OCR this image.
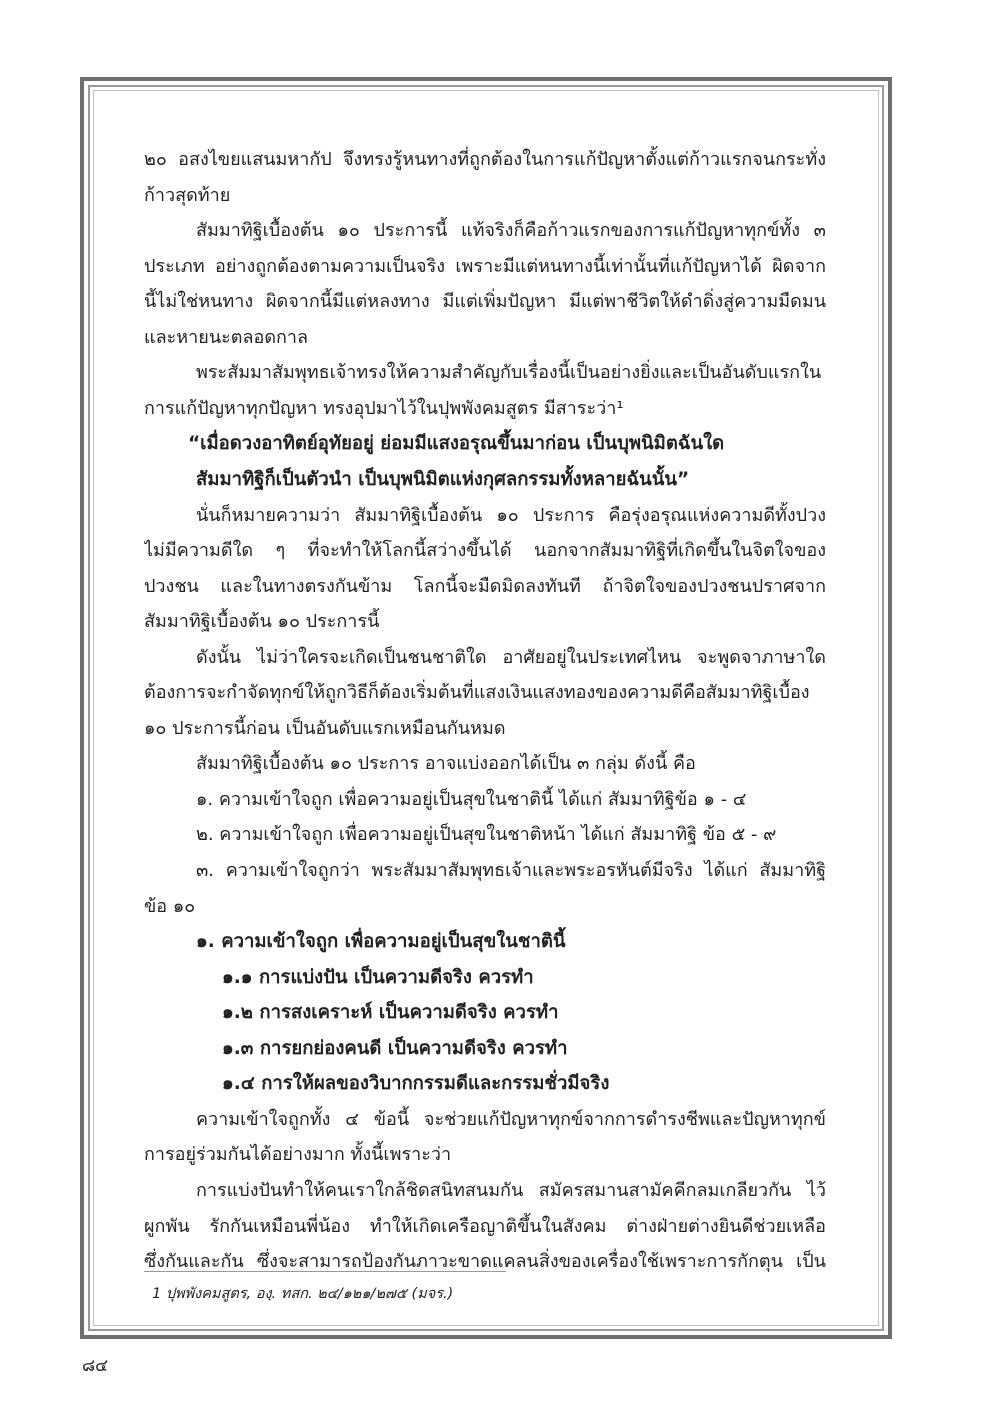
๒๐ อสงไขยแสนมหากัป จึงทรงรู้หนทางที่ถูกต้องในการแก้ปัญหาตั้งแต่ก้าวแรกจนกระทั่ง
ก้าวสุดท้าย
สัมมาทิฐิเบื้องต้น ๑๐ ประการนี้ แท้จริงก็คือก้าวแรกของการแก้ปัญหาทุกข์ทั้ง ๓
ประเภท อย่างถูกต้องตามความเป็นจริง เพราะมีแต่หนทางนี้เท่านั้นที่แก้ปัญหาได้ ผิดจาก
นี้ไม่ใช่หนทาง ผิดจากนี้มีแต่หลงทาง มีแต่เพิ่มปัญหา มีแต่พาชีวิตให้ดำดิ่งสู่ความมืดมน
และหายนะตลอดกาล
พระสัมมาสัมพุทธเจ้าทรงให้ความสำคัญกับเรื่องนี้เป็นอย่างยิ่งและเป็นอันดับแรกใน
การแก้ปัญหาทุกปัญหา ทรงอุปมาไว้ในปุพพังคมสูตร มีสาระว่า¹
“เมื่อดวงอาทิตย์อุทัยอยู่ ย่อมมีแสงอรุณขึ้นมาก่อน เป็นบุพนิมิตฉันใด
สัมมาทิฐิก็เป็นตัวนำ เป็นบุพนิมิตแห่งกุศลกรรมทั้งหลายฉันนั้น”
นั่นก็หมายความว่า สัมมาทิฐิเบื้องต้น ๑๐ ประการ คือรุ่งอรุณแห่งความดีทั้งปวง
ไม่มีความดีใด ๆ ที่จะทำให้โลกนี้สว่างขึ้นได้ นอกจากสัมมาทิฐิที่เกิดขึ้นในจิตใจของ
ปวงชน และในทางตรงกันข้าม โลกนี้จะมืดมิดลงทันที ถ้าจิตใจของปวงชนปราศจาก
สัมมาทิฐิเบื้องต้น ๑๐ ประการนี้
ดังนั้น ไม่ว่าใครจะเกิดเป็นชนชาติใด อาศัยอยู่ในประเทศไหน จะพูดจาภาษาใด
ต้องการจะกำจัดทุกข์ให้ถูกวิธีก็ต้องเริ่มต้นที่แสงเงินแสงทองของความดีคือสัมมาทิฐิเบื้อง
๑๐ ประการนี้ก่อน เป็นอันดับแรกเหมือนกันหมด
สัมมาทิฐิเบื้องต้น ๑๐ ประการ อาจแบ่งออกได้เป็น ๓ กลุ่ม ดังนี้ คือ
๑. ความเข้าใจถูก เพื่อความอยู่เป็นสุขในชาตินี้ ได้แก่ สัมมาทิฐิข้อ ๑ - ๔
๒. ความเข้าใจถูก เพื่อความอยู่เป็นสุขในชาติหน้า ได้แก่ สัมมาทิฐิ ข้อ ๕ - ๙
๓. ความเข้าใจถูกว่า พระสัมมาสัมพุทธเจ้าและพระอรหันต์มีจริง ได้แก่ สัมมาทิฐิ
ข้อ ๑๐
๑. ความเข้าใจถูก เพื่อความอยู่เป็นสุขในชาตินี้
๑.๑ การแบ่งปัน เป็นความดีจริง ควรทำ
๑.๒ การสงเคราะห์ เป็นความดีจริง ควรทำ
๑.๓ การยกย่องคนดี เป็นความดีจริง ควรทำ
๑.๔ การให้ผลของวิบากกรรมดีและกรรมชั่วมีจริง
ความเข้าใจถูกทั้ง ๔ ข้อนี้ จะช่วยแก้ปัญหาทุกข์จากการดำรงชีพและปัญหาทุกข์
การอยู่ร่วมกันได้อย่างมาก ทั้งนี้เพราะว่า
การแบ่งปันทำให้คนเราใกล้ชิดสนิทสนมกัน สมัครสมานสามัคคีกลมเกลียวกัน ไว้
ผูกพัน รักกันเหมือนพี่น้อง ทำให้เกิดเครือญาติขึ้นในสังคม ต่างฝ่ายต่างยินดีช่วยเหลือ
ซึ่งกันและกัน ซึ่งจะสามารถป้องกันภาวะขาดแคลนสิ่งของเครื่องใช้เพราะการกักตุน เป็น
1 ปุพพังคมสูตร, องฺ. ทสก. ๒๔/๑๒๑/๒๗๕ (มจร.)
๘๔
